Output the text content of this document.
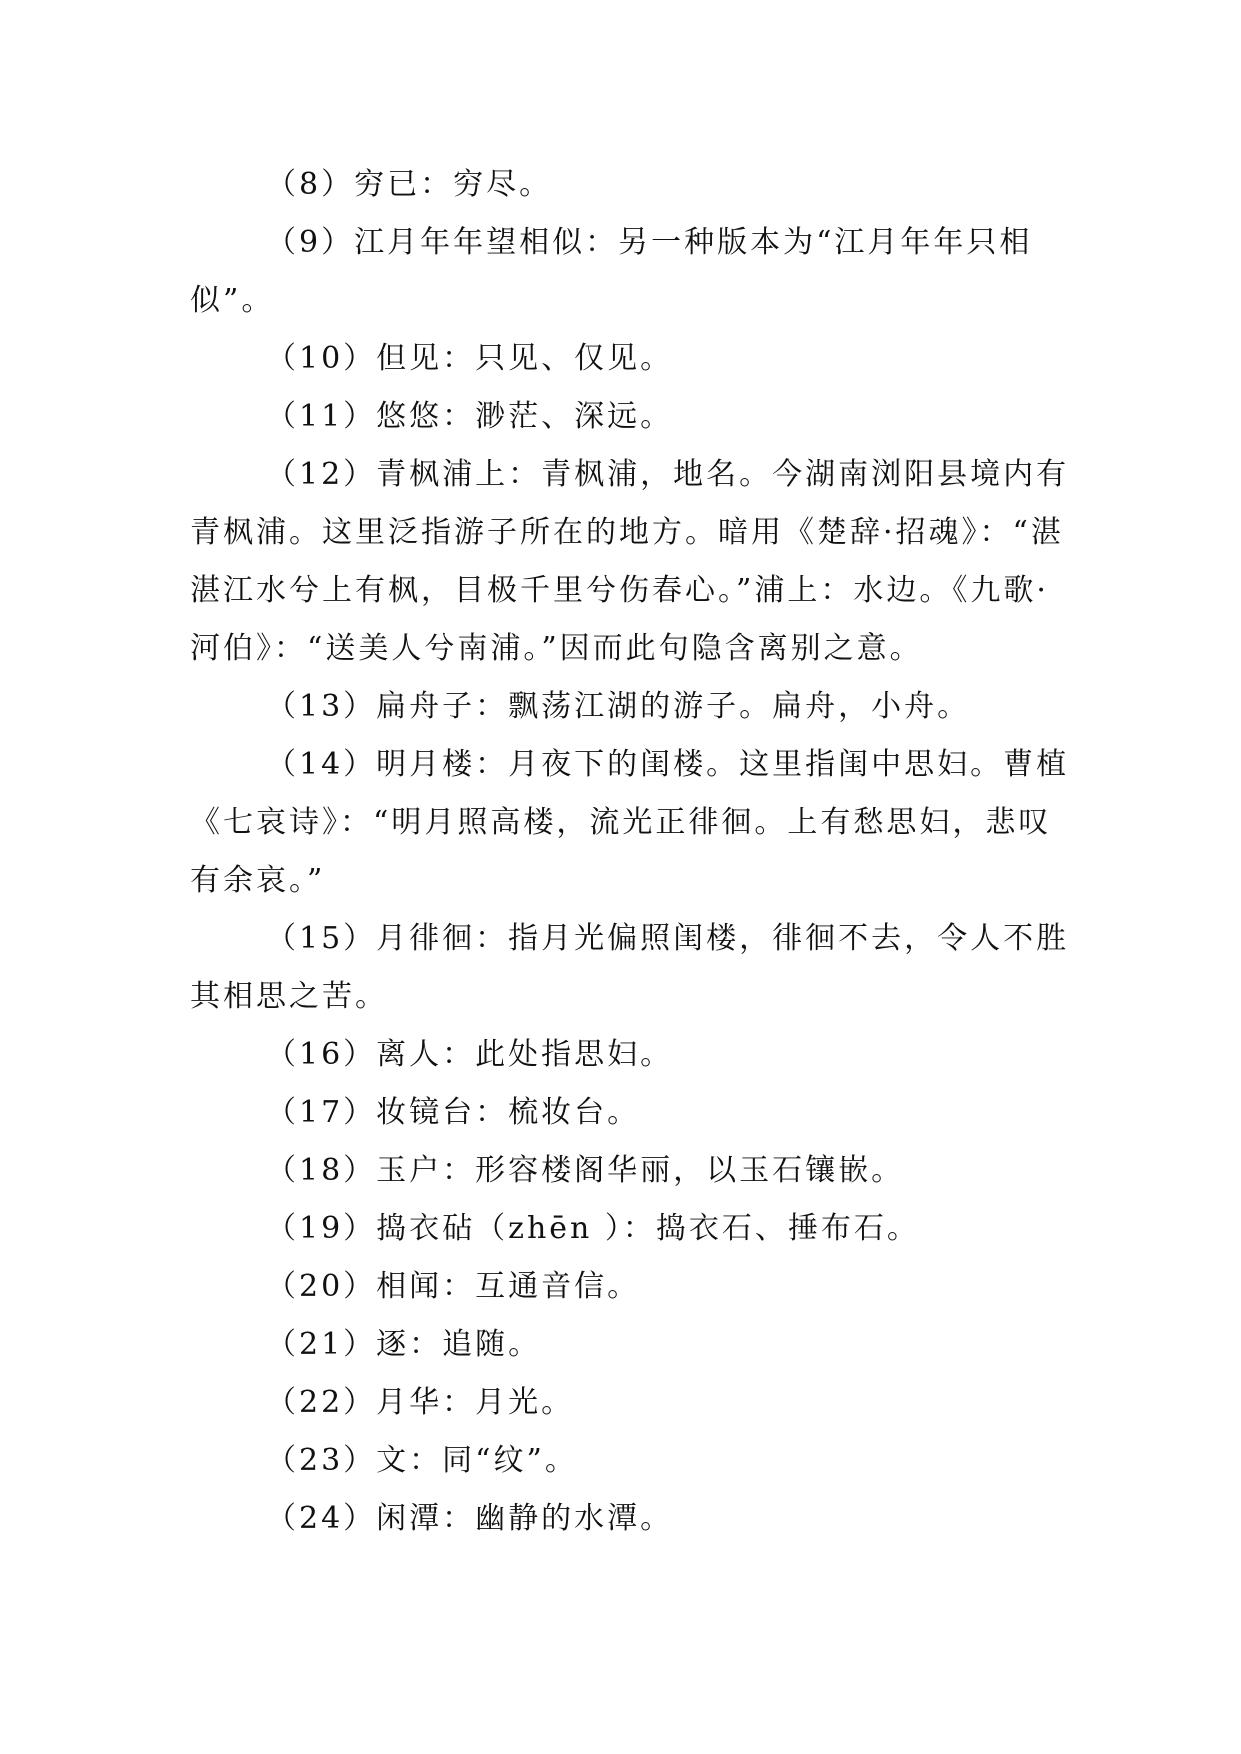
（8）穷已：穷尽。

（9）江月年年望相似：另一种版本为“江月年年只相似”。

（10）但见：只见、仅见。

（11）悠悠：渺茫、深远。

（12）青枫浦上：青枫浦，地名。今湖南浏阳县境内有青枫浦。这里泛指游子所在的地方。暗用《楚辞·招魂》：“湛湛江水兮上有枫，目极千里兮伤春心。”浦上：水边。《九歌·河伯》：“送美人兮南浦。”因而此句隐含离别之意。

（13）扁舟子：飘荡江湖的游子。扁舟，小舟。

（14）明月楼：月夜下的闺楼。这里指闺中思妇。曹植《七哀诗》：“明月照高楼，流光正徘徊。上有愁思妇，悲叹有余哀。”

（15）月徘徊：指月光偏照闺楼，徘徊不去，令人不胜其相思之苦。

（16）离人：此处指思妇。

（17）妆镜台：梳妆台。

（18）玉户：形容楼阁华丽，以玉石镶嵌。

（19）捣衣砧（zhēn ）：捣衣石、捶布石。

（20）相闻：互通音信。

（21）逐：追随。

（22）月华：月光。

（23）文：同“纹”。

（24）闲潭：幽静的水潭。
